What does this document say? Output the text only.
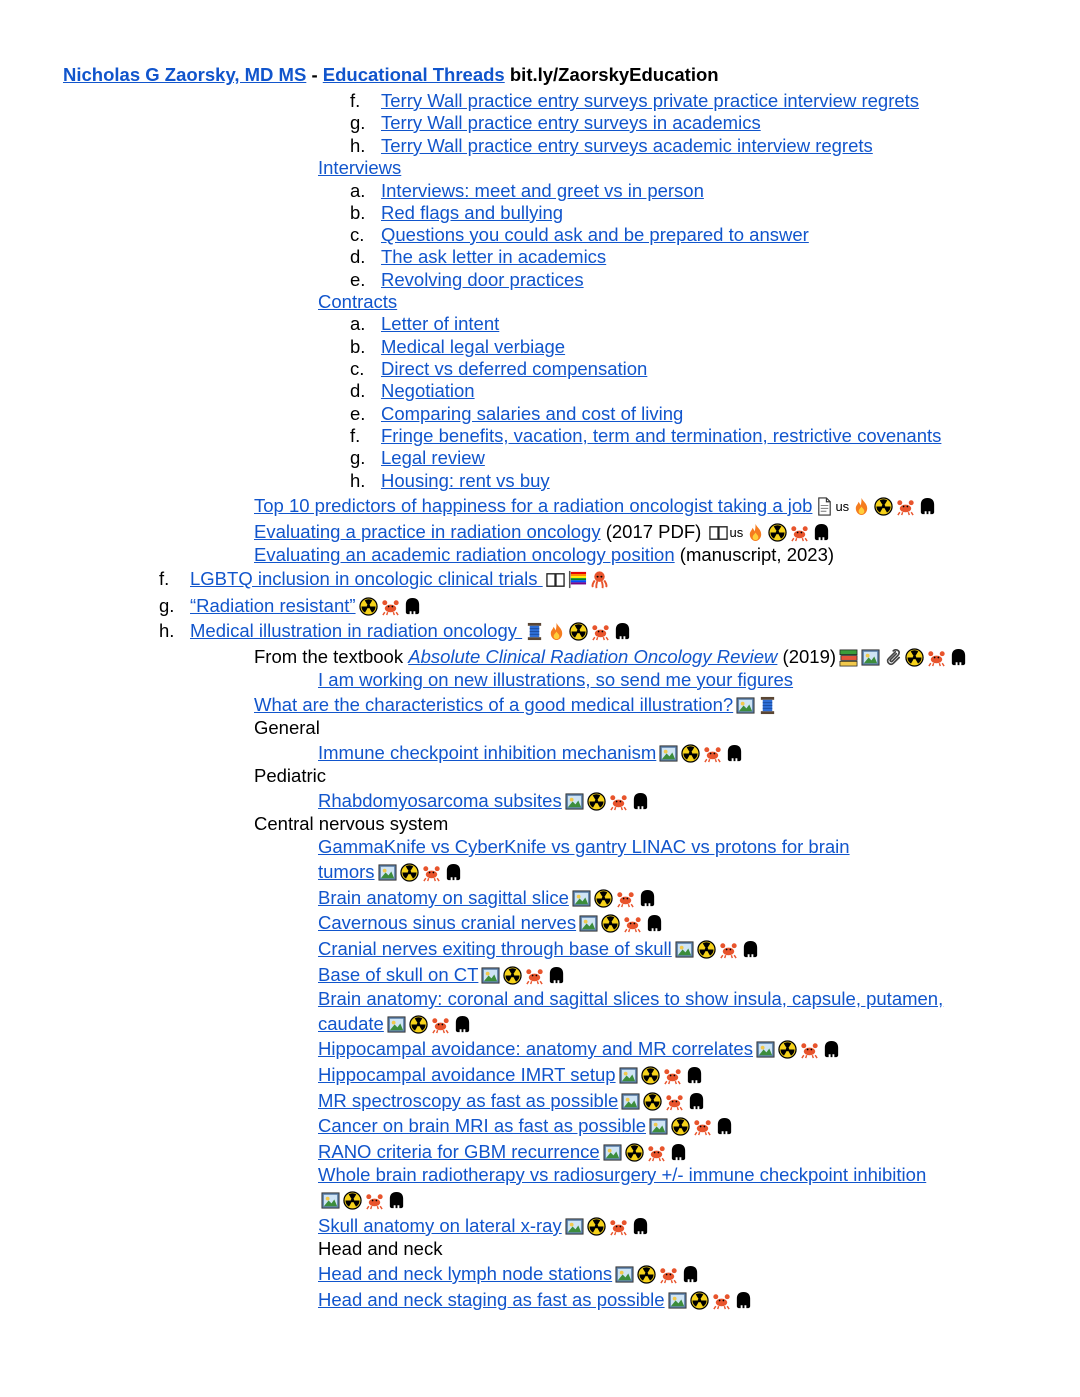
Nicholas G Zaorsky, MD MS - Educational Threads bit.ly/ZaorskyEducation
f. Terry Wall practice entry surveys private practice interview regrets
g. Terry Wall practice entry surveys in academics
h. Terry Wall practice entry surveys academic interview regrets
Interviews
a. Interviews: meet and greet vs in person
b. Red flags and bullying
c. Questions you could ask and be prepared to answer
d. The ask letter in academics
e. Revolving door practices
Contracts
a. Letter of intent
b. Medical legal verbiage
c. Direct vs deferred compensation
d. Negotiation
e. Comparing salaries and cost of living
f. Fringe benefits, vacation, term and termination, restrictive covenants
g. Legal review
h. Housing: rent vs buy
Top 10 predictors of happiness for a radiation oncologist taking a job us
Evaluating a practice in radiation oncology (2017 PDF)
us
Evaluating an academic radiation oncology position (manuscript, 2023)
f. LGBTQ inclusion in oncologic clinical trials
g. “Radiation resistant”
h. Medical illustration in radiation oncology
From the textbook Absolute Clinical Radiation Oncology Review (2019)
I am working on new illustrations, so send me your figures
What are the characteristics of a good medical illustration?
General
Immune checkpoint inhibition mechanism
Pediatric
Rhabdomyosarcoma subsites
Central nervous system
GammaKnife vs CyberKnife vs gantry LINAC vs protons for brain
tumors
Brain anatomy on sagittal slice
Cavernous sinus cranial nerves
Cranial nerves exiting through base of skull
Base of skull on CT
Brain anatomy: coronal and sagittal slices to show insula, capsule, putamen,
caudate
Hippocampal avoidance: anatomy and MR correlates
Hippocampal avoidance IMRT setup
MR spectroscopy as fast as possible
Cancer on brain MRI as fast as possible
RANO criteria for GBM recurrence
Whole brain radiotherapy vs radiosurgery +/- immune checkpoint inhibition
Skull anatomy on lateral x-ray
Head and neck
Head and neck lymph node stations
Head and neck staging as fast as possible
